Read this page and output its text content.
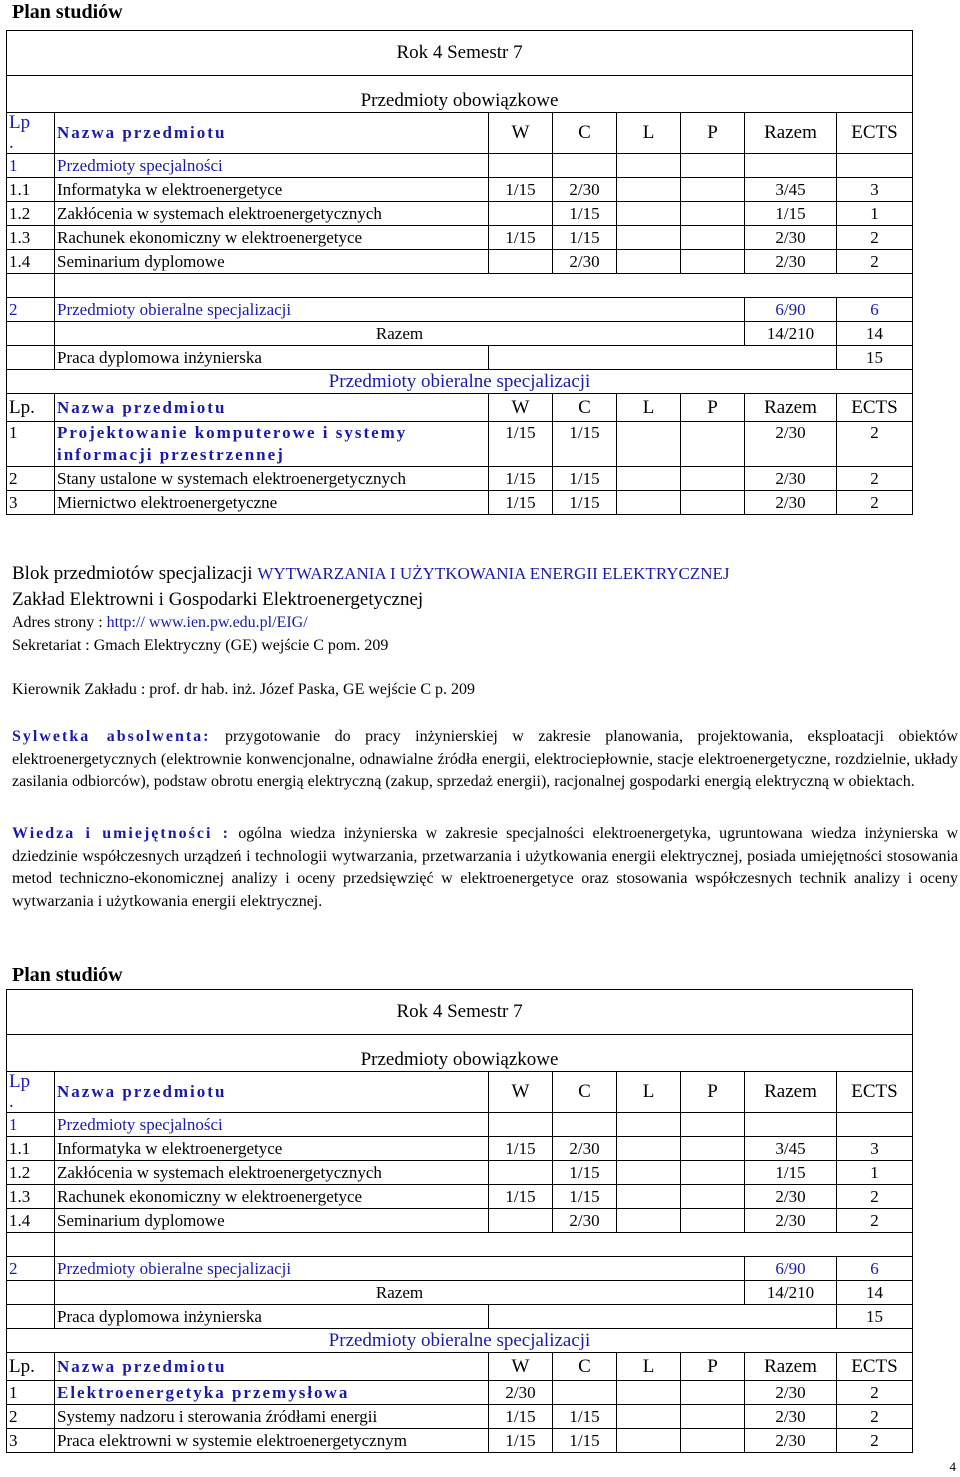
Plan studiów
Rok 4 Semestr 7							
Przedmioty obowiązkowe							
Lp
.	Nazwa przedmiotu	W	C	L	P	Razem	ECTS
1	Przedmioty specjalności						
1.1	Informatyka w elektroenergetyce	1/15	2/30			3/45	3
1.2	Zakłócenia w systemach elektroenergetycznych		1/15			1/15	1
1.3	Rachunek ekonomiczny w elektroenergetyce	1/15	1/15			2/30	2
1.4	Seminarium dyplomowe		2/30			2/30	2

2	Przedmioty obieralne specjalizacji					6/90	6
	Razem					14/210	14
	Praca dyplomowa inżynierska						15
Przedmioty obieralne specjalizacji							
Lp.	Nazwa przedmiotu	W	C	L	P	Razem	ECTS
1	Projektowanie komputerowe i systemy informacji przestrzennej	1/15	1/15			2/30	2
2	Stany ustalone w systemach elektroenergetycznych	1/15	1/15			2/30	2
3	Miernictwo elektroenergetyczne	1/15	1/15			2/30	2
Blok przedmiotów specjalizacji WYTWARZANIA I UŻYTKOWANIA ENERGII ELEKTRYCZNEJ
Zakład Elektrowni i Gospodarki Elektroenergetycznej
Adres strony : http:// www.ien.pw.edu.pl/EIG/
Sekretariat : Gmach Elektryczny (GE) wejście C pom. 209
Kierownik Zakładu : prof. dr hab. inż. Józef Paska, GE wejście C p. 209

Sylwetka absolwenta: przygotowanie do pracy inżynierskiej w zakresie planowania, projektowania, eksploatacji obiektów elektroenergetycznych (elektrownie konwencjonalne, odnawialne źródła energii, elektrociepłownie, stacje elektroenergetyczne, rozdzielnie, układy zasilania odbiorców), podstaw obrotu energią elektryczną (zakup, sprzedaż energii), racjonalnej gospodarki energią elektryczną w obiektach.

Wiedza i umiejętności : ogólna wiedza inżynierska w zakresie specjalności elektroenergetyka, ugruntowana wiedza inżynierska w dziedzinie współczesnych urządzeń i technologii wytwarzania, przetwarzania i użytkowania energii elektrycznej, posiada umiejętności stosowania metod techniczno-ekonomicznej analizy i oceny przedsięwzięć w elektroenergetyce oraz stosowania współczesnych technik analizy i oceny wytwarzania i użytkowania energii elektrycznej.

Plan studiów
Rok 4 Semestr 7							
Przedmioty obowiązkowe							
Lp
.	Nazwa przedmiotu	W	C	L	P	Razem	ECTS
1	Przedmioty specjalności						
1.1	Informatyka w elektroenergetyce	1/15	2/30			3/45	3
1.2	Zakłócenia w systemach elektroenergetycznych		1/15			1/15	1
1.3	Rachunek ekonomiczny w elektroenergetyce	1/15	1/15			2/30	2
1.4	Seminarium dyplomowe		2/30			2/30	2

2	Przedmioty obieralne specjalizacji					6/90	6
	Razem					14/210	14
	Praca dyplomowa inżynierska						15
Przedmioty obieralne specjalizacji							
Lp.	Nazwa przedmiotu	W	C	L	P	Razem	ECTS
1	Elektroenergetyka przemysłowa	2/30				2/30	2
2	Systemy nadzoru i sterowania źródłami energii	1/15	1/15			2/30	2
3	Praca elektrowni w systemie elektroenergetycznym	1/15	1/15			2/30	2
4
